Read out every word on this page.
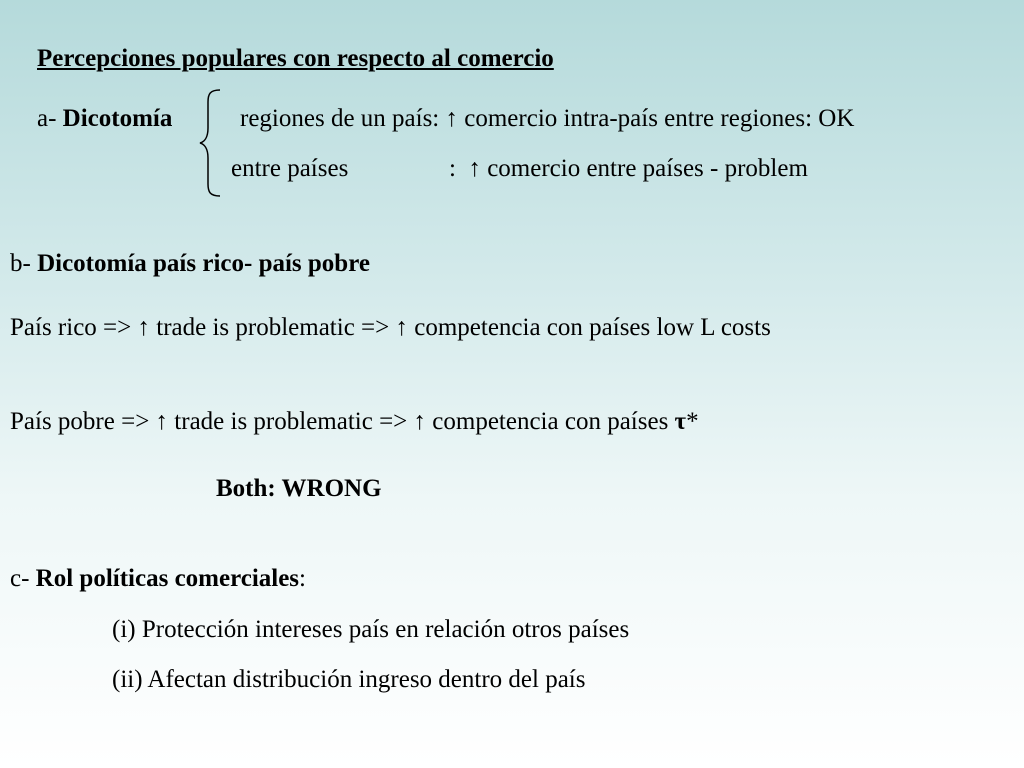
Percepciones populares con respecto al comercio
a- Dicotomía	regiones de un país: ↑ comercio intra-país entre regiones: OK
entre países	: ↑ comercio entre países - problem
b- Dicotomía país rico- país pobre
País rico => ↑ trade is problematic => ↑ competencia con países low L costs
País pobre => ↑ trade is problematic => ↑ competencia con países τ*
Both: WRONG
c- Rol políticas comerciales:
(i) Protección intereses país en relación otros países
(ii) Afectan distribución ingreso dentro del país
